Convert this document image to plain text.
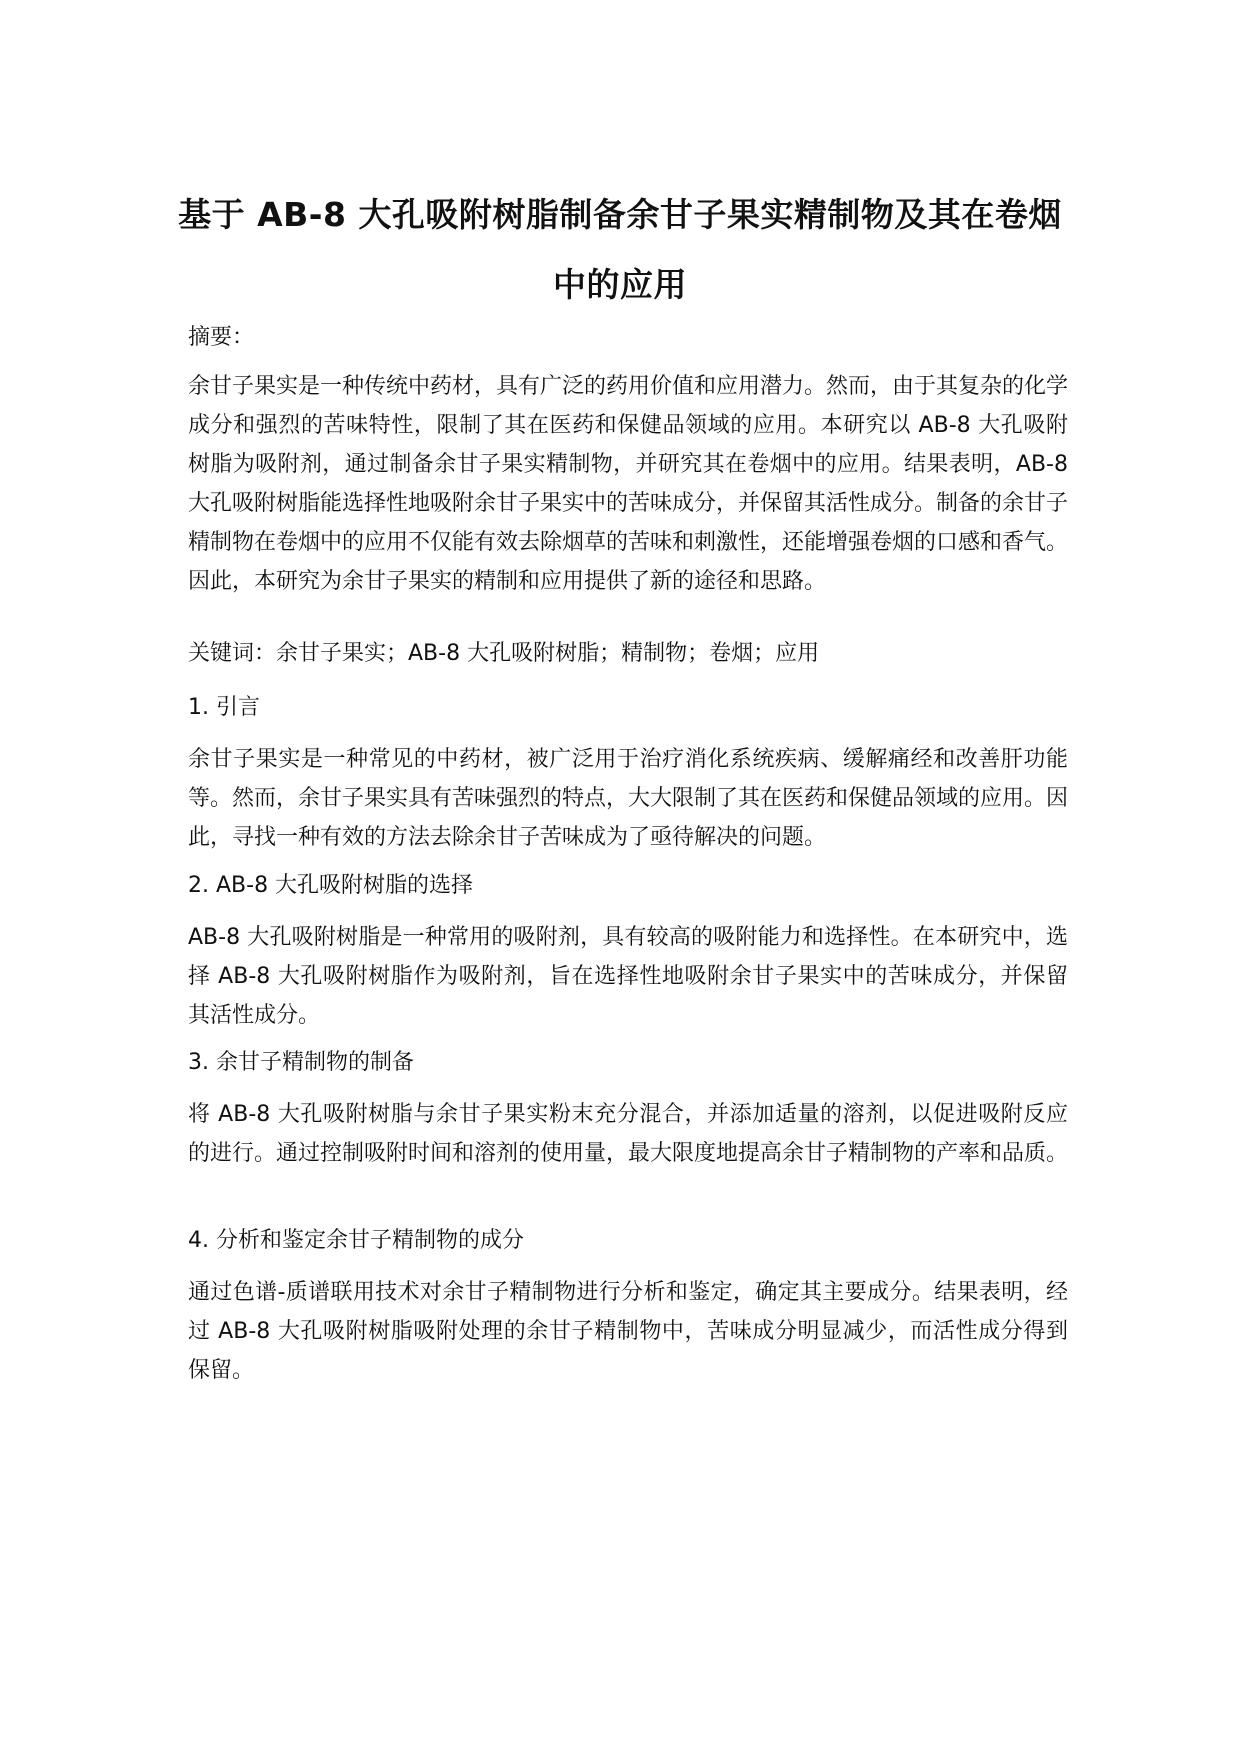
基于 AB-8 大孔吸附树脂制备余甘子果实精制物及其在卷烟中的应用

摘要：

余甘子果实是一种传统中药材，具有广泛的药用价值和应用潜力。然而，由于其复杂的化学成分和强烈的苦味特性，限制了其在医药和保健品领域的应用。本研究以 AB-8 大孔吸附树脂为吸附剂，通过制备余甘子果实精制物，并研究其在卷烟中的应用。结果表明，AB-8 大孔吸附树脂能选择性地吸附余甘子果实中的苦味成分，并保留其活性成分。制备的余甘子精制物在卷烟中的应用不仅能有效去除烟草的苦味和刺激性，还能增强卷烟的口感和香气。因此，本研究为余甘子果实的精制和应用提供了新的途径和思路。

关键词：余甘子果实；AB-8 大孔吸附树脂；精制物；卷烟；应用

1. 引言

余甘子果实是一种常见的中药材，被广泛用于治疗消化系统疾病、缓解痛经和改善肝功能等。然而，余甘子果实具有苦味强烈的特点，大大限制了其在医药和保健品领域的应用。因此，寻找一种有效的方法去除余甘子苦味成为了亟待解决的问题。

2. AB-8 大孔吸附树脂的选择

AB-8 大孔吸附树脂是一种常用的吸附剂，具有较高的吸附能力和选择性。在本研究中，选择 AB-8 大孔吸附树脂作为吸附剂，旨在选择性地吸附余甘子果实中的苦味成分，并保留其活性成分。

3. 余甘子精制物的制备

将 AB-8 大孔吸附树脂与余甘子果实粉末充分混合，并添加适量的溶剂，以促进吸附反应的进行。通过控制吸附时间和溶剂的使用量，最大限度地提高余甘子精制物的产率和品质。

4. 分析和鉴定余甘子精制物的成分

通过色谱-质谱联用技术对余甘子精制物进行分析和鉴定，确定其主要成分。结果表明，经过 AB-8 大孔吸附树脂吸附处理的余甘子精制物中，苦味成分明显减少，而活性成分得到保留。
